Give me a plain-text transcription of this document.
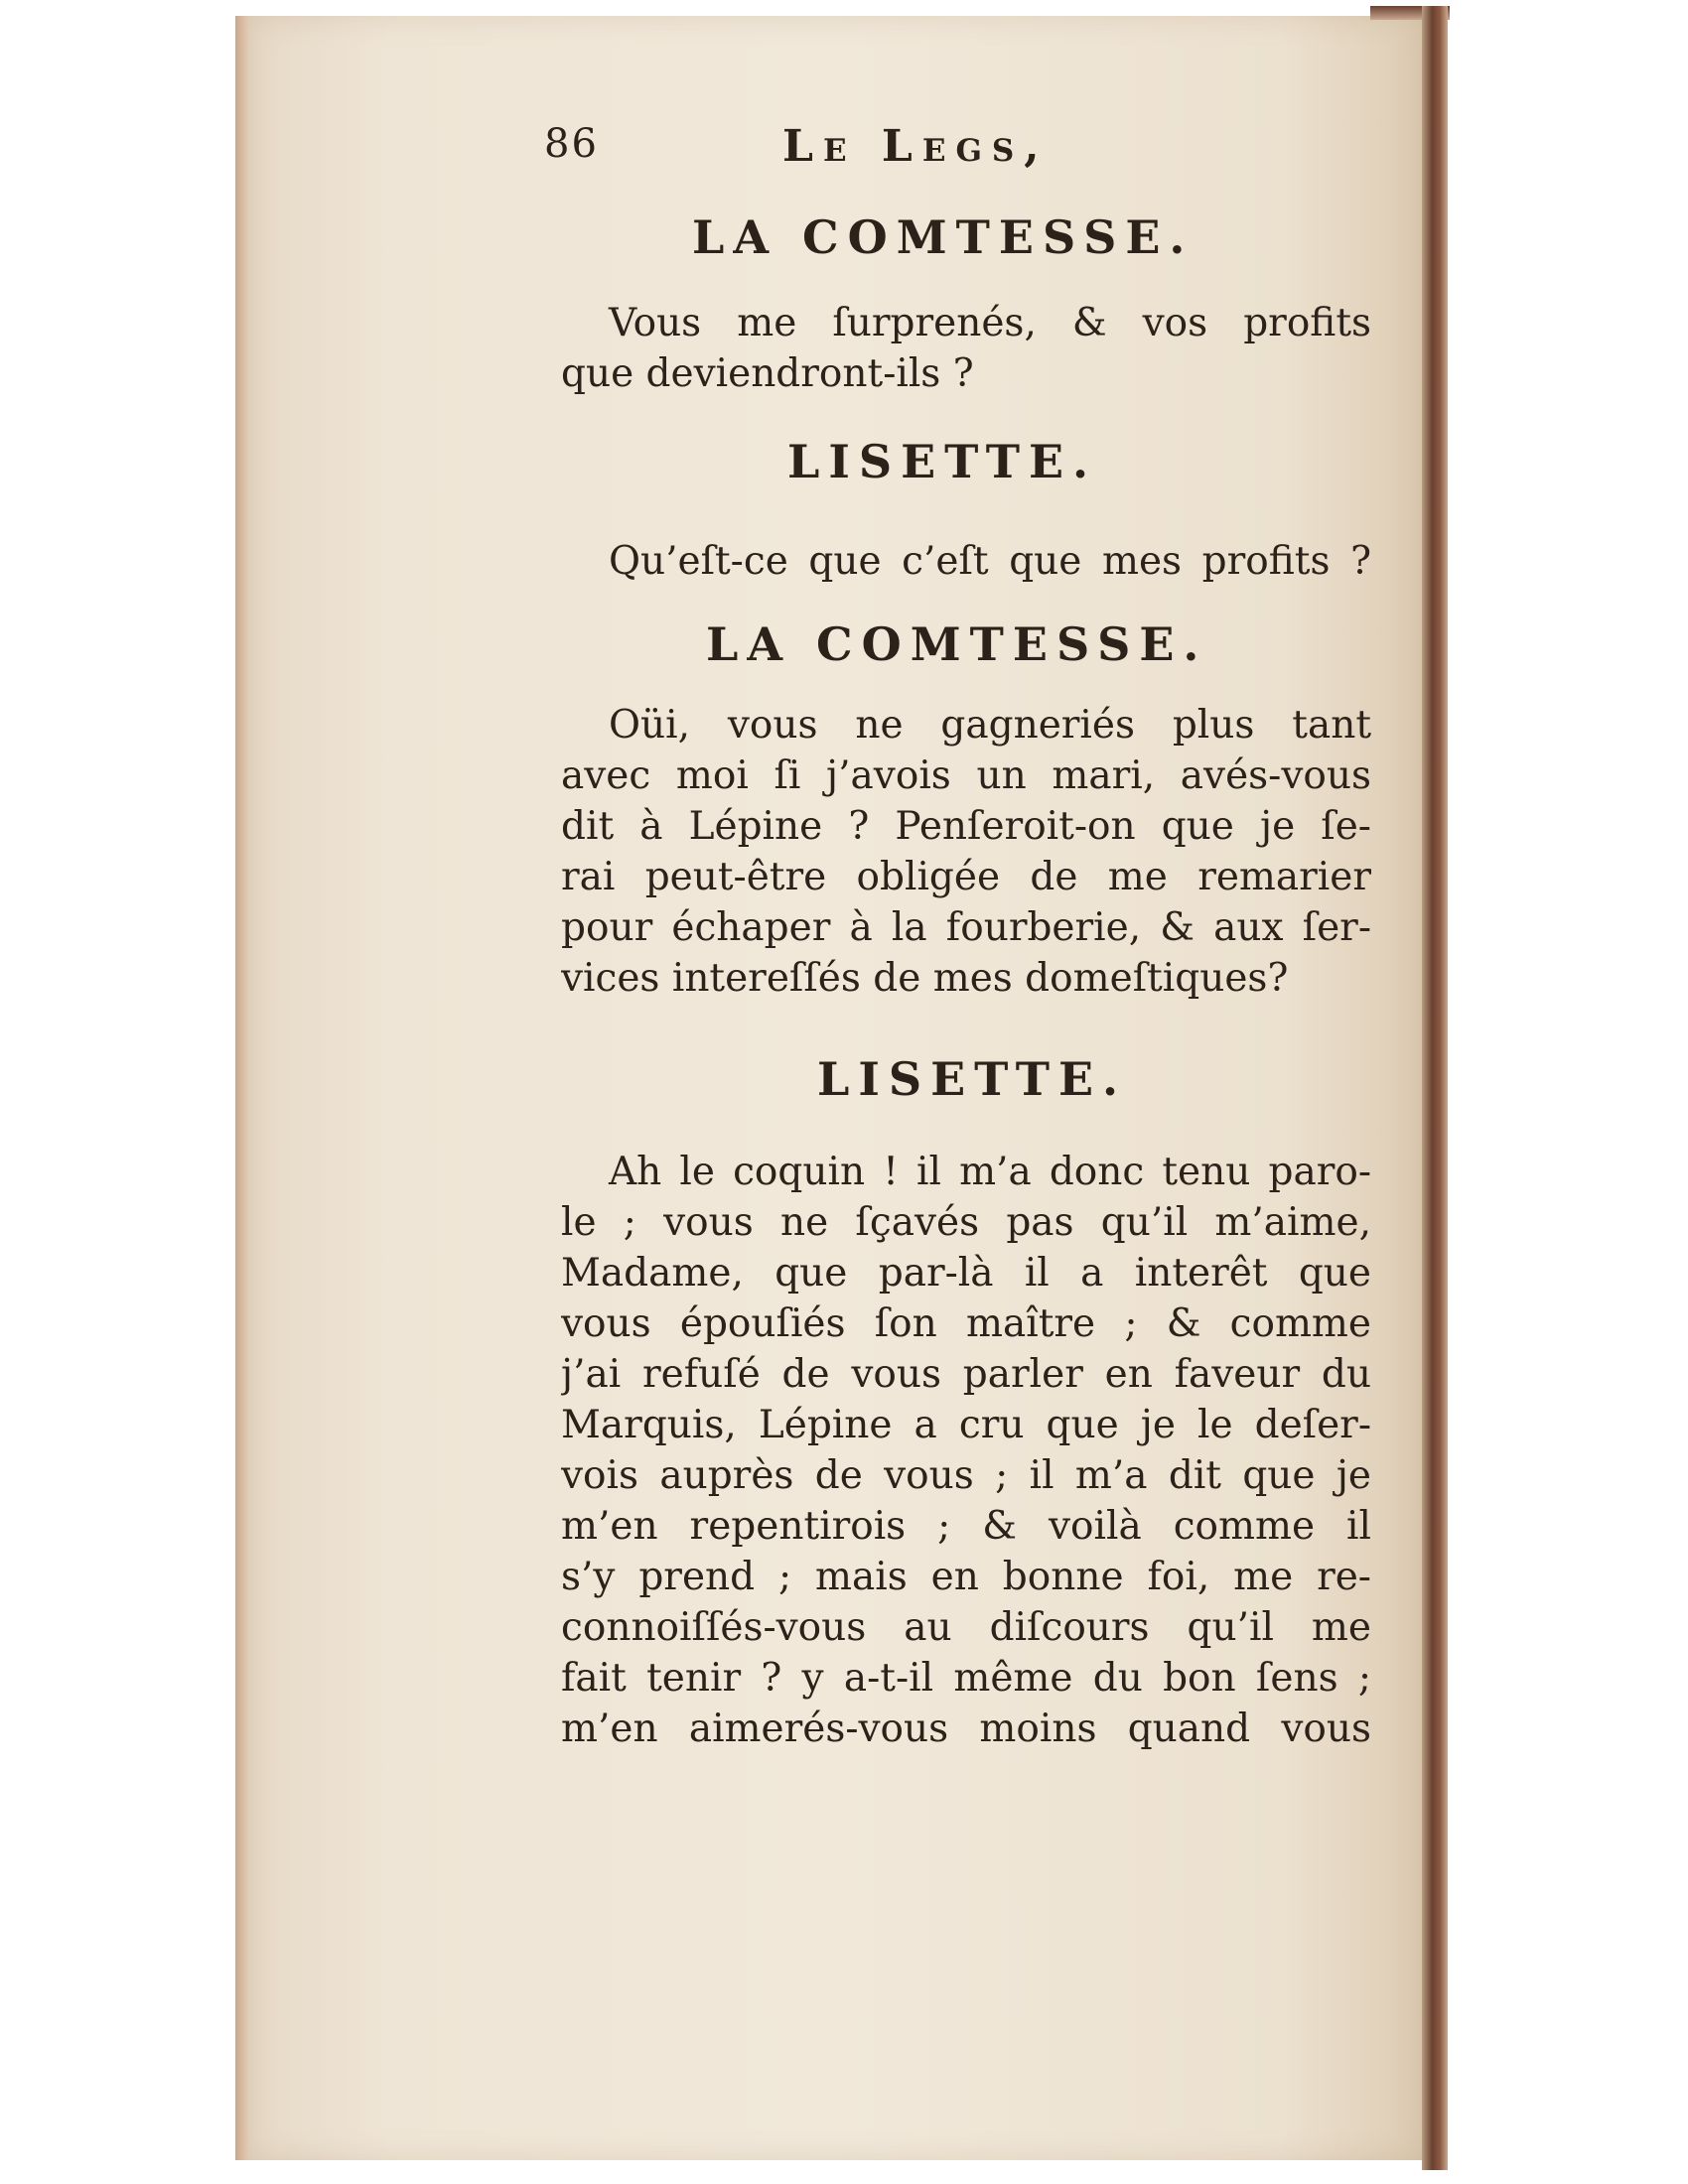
86	Le Legs,
LA COMTESSE.
Vous me ſurprenés, & vos profits
que deviendront-ils ?
LISETTE.
Qu’eſt-ce que c’eſt que mes profits ?
LA COMTESSE.
Oüi, vous ne gagneriés plus tant
avec moi ſi j’avois un mari, avés-vous
dit à Lépine ? Penſeroit-on que je ſe-
rai peut-être obligée de me remarier
pour échaper à la fourberie, & aux ſer-
vices intereſſés de mes domeſtiques?
LISETTE.
Ah le coquin ! il m’a donc tenu paro-
le ; vous ne ſçavés pas qu’il m’aime,
Madame, que par-là il a interêt que
vous épouſiés ſon maître ; & comme
j’ai refuſé de vous parler en faveur du
Marquis, Lépine a cru que je le deſer-
vois auprès de vous ; il m’a dit que je
m’en repentirois ; & voilà comme il
s’y prend ; mais en bonne foi, me re-
connoiſſés-vous au diſcours qu’il me
fait tenir ? y a-t-il même du bon ſens ;
m’en aimerés-vous moins quand vous
